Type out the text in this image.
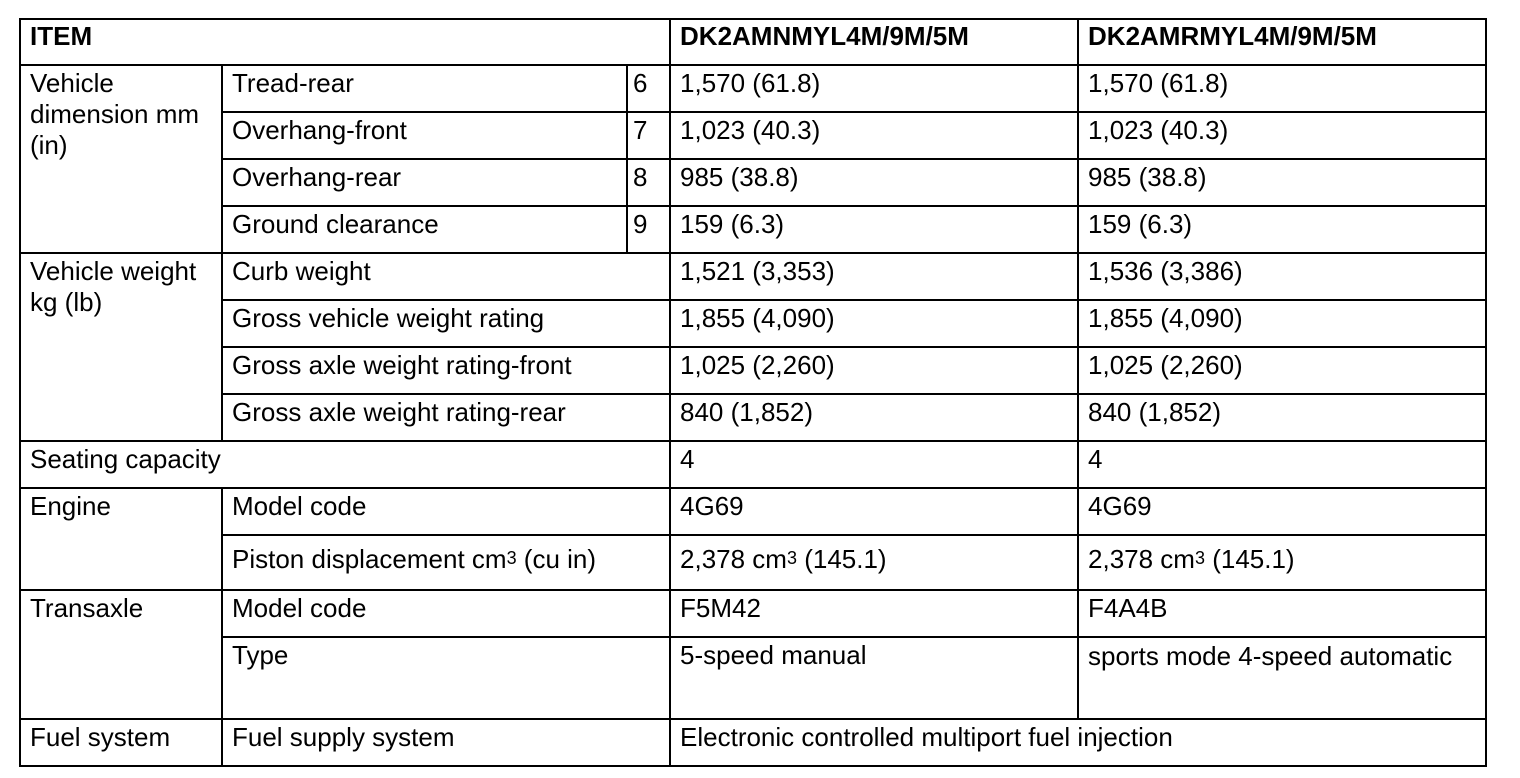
ITEM			DK2AMNMYL4M/9M/5M	DK2AMRMYL4M/9M/5M
Vehicle dimension mm (in)	Tread-rear	6	1,570 (61.8)	1,570 (61.8)
	Overhang-front	7	1,023 (40.3)	1,023 (40.3)
	Overhang-rear	8	985 (38.8)	985 (38.8)
	Ground clearance	9	159 (6.3)	159 (6.3)
Vehicle weight kg (lb)	Curb weight		1,521 (3,353)	1,536 (3,386)
	Gross vehicle weight rating		1,855 (4,090)	1,855 (4,090)
	Gross axle weight rating-front		1,025 (2,260)	1,025 (2,260)
	Gross axle weight rating-rear		840 (1,852)	840 (1,852)
Seating capacity			4	4
Engine	Model code		4G69	4G69
	Piston displacement $cm^3$ (cu in)		2,378 $cm^3$ (145.1)	2,378 $cm^3$ (145.1)
Transaxle	Model code		F5M42	F4A4B
	Type		5-speed manual	sports mode 4-speed automatic
Fuel system	Fuel supply system		Electronic controlled multiport fuel injection	
